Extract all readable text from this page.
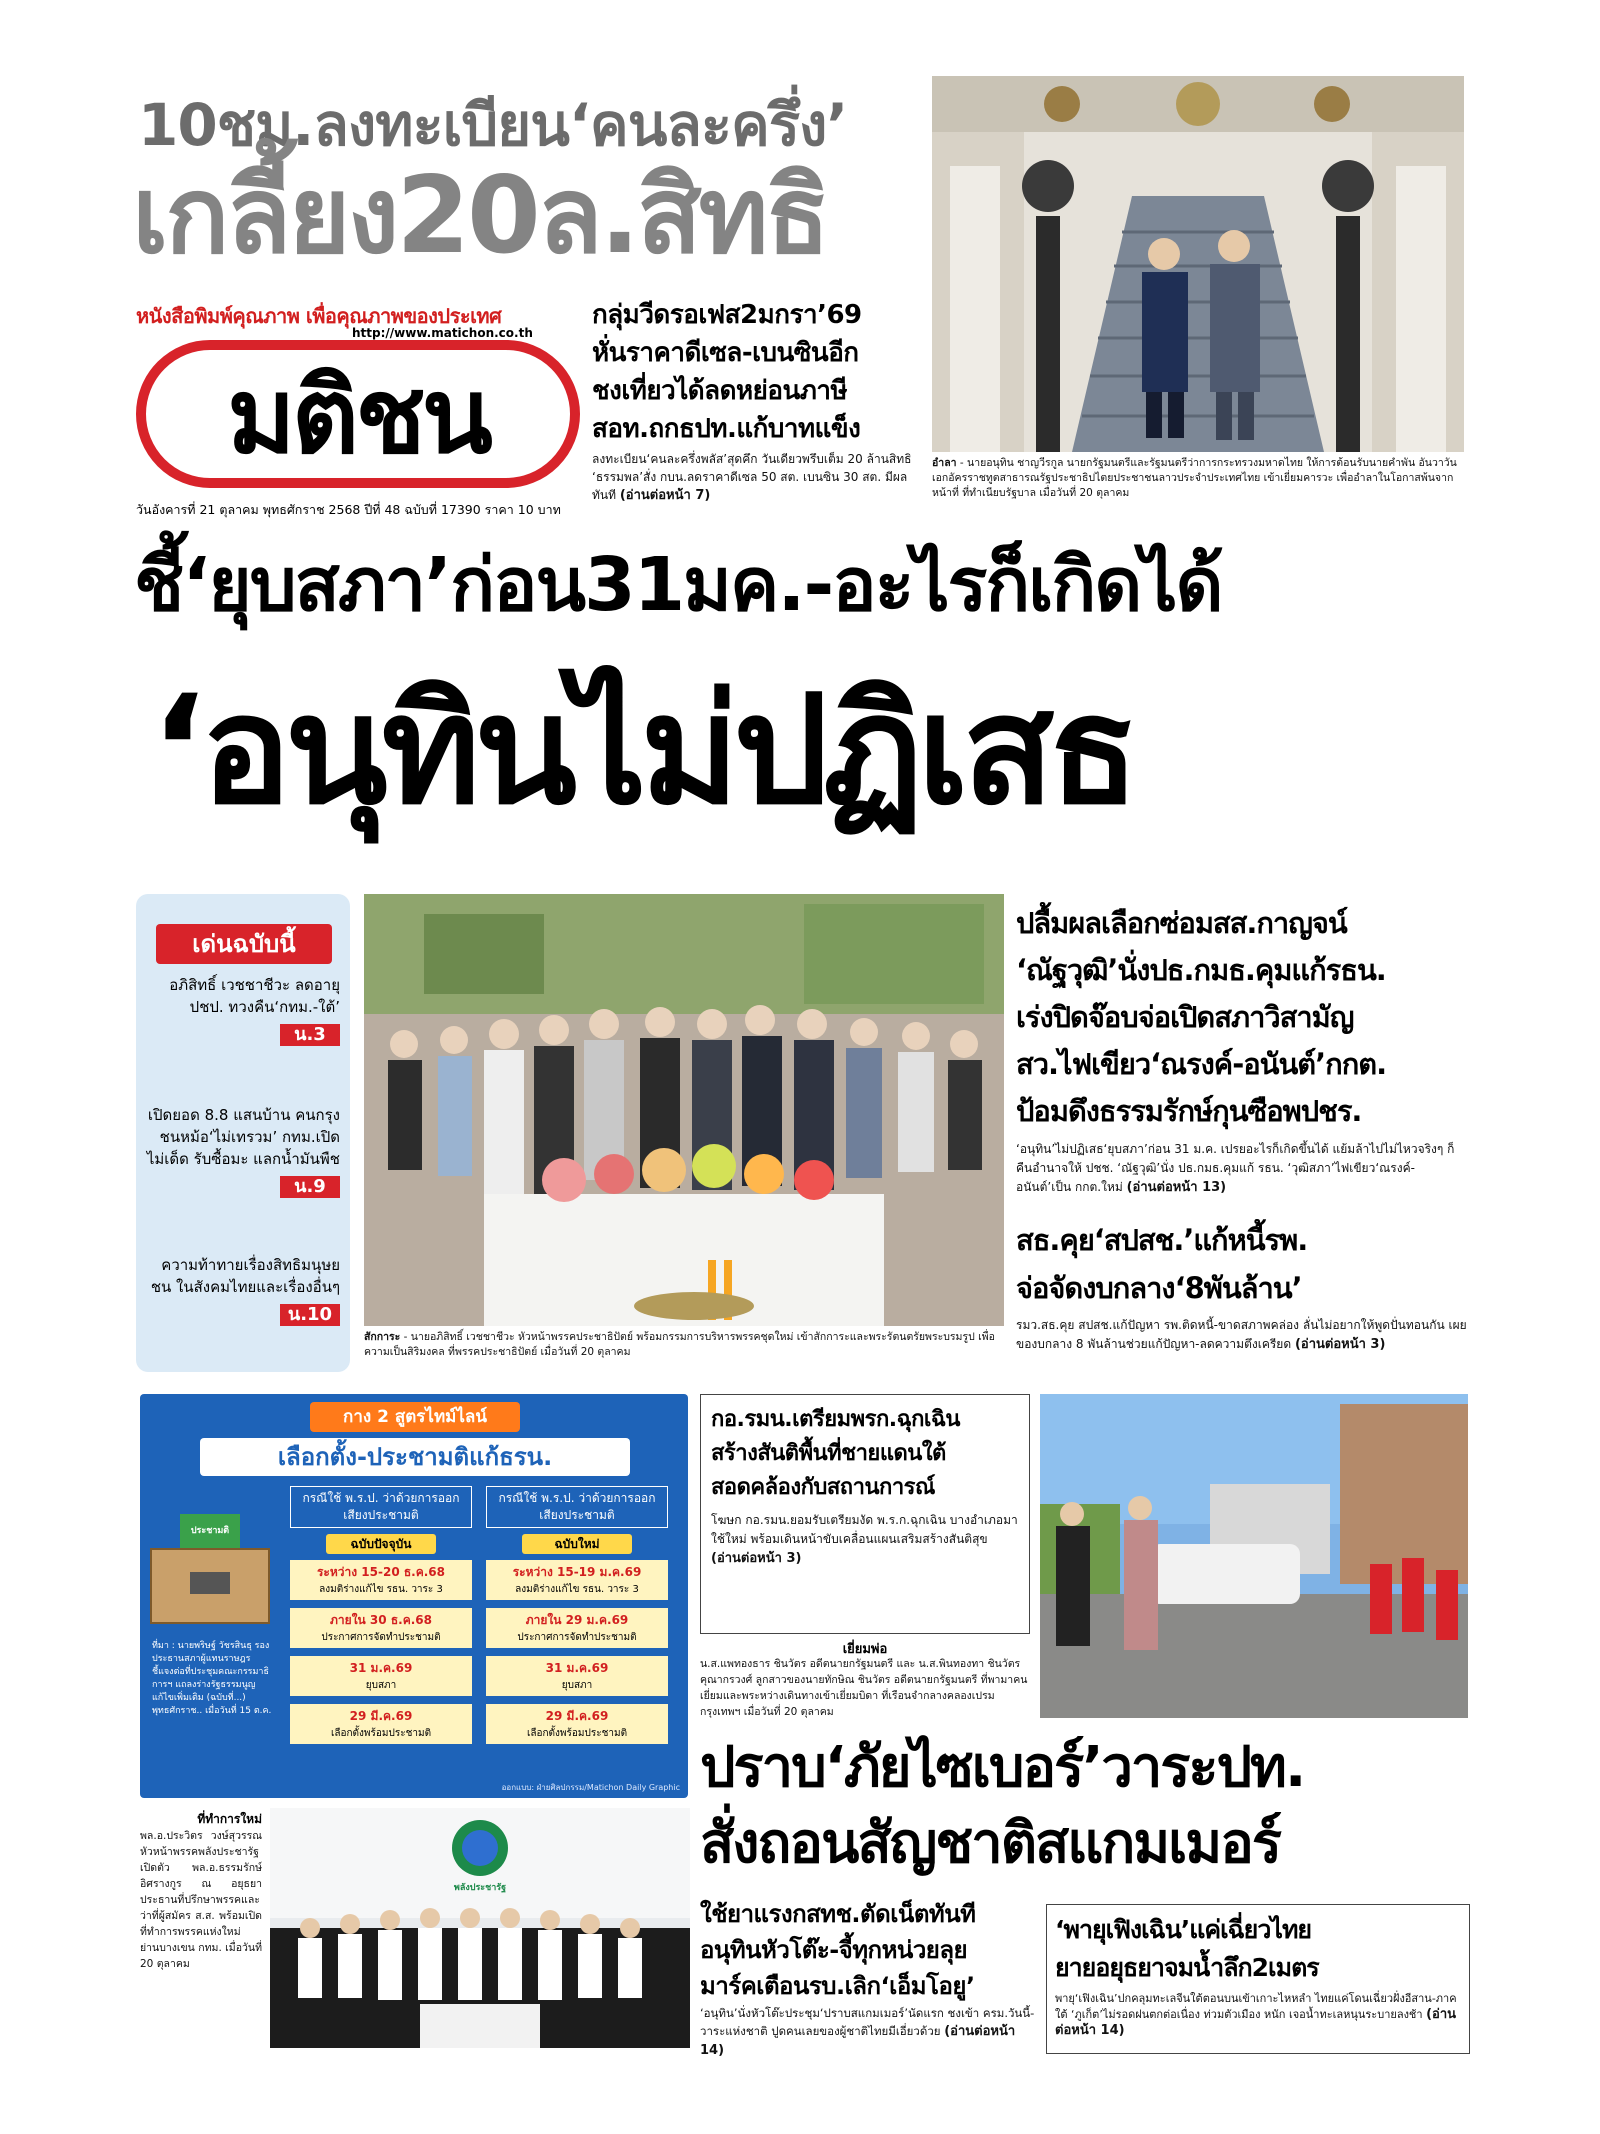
10ชม.ลงทะเบียน‘คนละครึ่ง’
เกลี้ยง20ล.สิทธิ
หนังสือพิมพ์คุณภาพ เพื่อคุณภาพของประเทศ
http://www.matichon.co.th
มติชน
วันอังคารที่ 21 ตุลาคม พุทธศักราช 2568 ปีที่ 48 ฉบับที่ 17390 ราคา 10 บาท
กลุ่มวีดรอเฟส2มกรา’69
หั่นราคาดีเซล-เบนซินอีก
ชงเที่ยวได้ลดหย่อนภาษี
สอท.ถกธปท.แก้บาทแข็ง
ลงทะเบียน‘คนละครึ่งพลัส’สุดคึก วันเดียวพรึบเต็ม 20 ล้านสิทธิ ‘ธรรมพล’สั่ง กบน.ลดราคาดีเซล 50 สต. เบนซิน 30 สต. มีผลทันที (อ่านต่อหน้า 7)
อำลา - นายอนุทิน ชาญวีรกูล นายกรัฐมนตรีและรัฐมนตรีว่าการกระทรวงมหาดไทย ให้การต้อนรับนายคำพัน อันวาวัน เอกอัครราชทูตสาธารณรัฐประชาธิปไตยประชาชนลาวประจำประเทศไทย เข้าเยี่ยมคารวะ เพื่ออำลาในโอกาสพ้นจากหน้าที่ ที่ทำเนียบรัฐบาล เมื่อวันที่ 20 ตุลาคม
ชี้‘ยุบสภา’ก่อน31มค.-อะไรก็เกิดได้
‘อนุทินไม่ปฏิเสธ
เด่นฉบับนี้
อภิสิทธิ์ เวชชาชีวะ ลดอายุ ปชป. ทวงคืน‘กทม.-ใต้’
น.3
เปิดยอด 8.8 แสนบ้าน คนกรุงชนหม้อ‘ไม่เทรวม’ กทม.เปิดไม่เด็ด รับซื้อมะ แลกน้ำมันพืช
น.9
ความท้าทายเรื่องสิทธิมนุษยชน ในสังคมไทยและเรื่องอื่นๆ
น.10
สักการะ - นายอภิสิทธิ์ เวชชาชีวะ หัวหน้าพรรคประชาธิปัตย์ พร้อมกรรมการบริหารพรรคชุดใหม่ เข้าสักการะและพระรัตนตรัยพระบรมรูป เพื่อความเป็นสิริมงคล ที่พรรคประชาธิปัตย์ เมื่อวันที่ 20 ตุลาคม
ปลื้มผลเลือกซ่อมสส.กาญจน์
‘ณัฐวุฒิ’นั่งปธ.กมธ.คุมแก้รธน.
เร่งปิดจ๊อบจ่อเปิดสภาวิสามัญ
สว.ไฟเขียว‘ณรงค์-อนันต์’กกต.
ป้อมดึงธรรมรักษ์กุนซือพปชร.
‘อนุทิน’ไม่ปฏิเสธ‘ยุบสภา’ก่อน 31 ม.ค. เปรยอะไรก็เกิดขึ้นได้ แย้มล้าไปไม่ไหวจริงๆ ก็คืนอำนาจให้ ปชช. ‘ณัฐวุฒิ’นั่ง ปธ.กมธ.คุมแก้ รธน. ‘วุฒิสภา’ไฟเขียว‘ณรงค์-อนันต์’เป็น กกต.ใหม่ (อ่านต่อหน้า 13)
สธ.คุย‘สปสช.’แก้หนี้รพ.
จ่อจัดงบกลาง‘8พันล้าน’
รมว.สธ.คุย สปสช.แก้ปัญหา รพ.ติดหนี้-ขาดสภาพคล่อง ลั่นไม่อยากให้พูดปั่นทอนกัน เผยของบกลาง 8 พันล้านช่วยแก้ปัญหา-ลดความตึงเครียด (อ่านต่อหน้า 3)
กาง 2 สูตรไทม์ไลน์
เลือกตั้ง-ประชามติแก้ธรน.
ประชามติ
ที่มา : นายพริษฐ์ วัชรสินธุ รองประธานสภาผู้แทนราษฎร ชี้แจงต่อที่ประชุมคณะกรรมาธิการฯ แถลงร่างรัฐธรรมนูญ แก้ไขเพิ่มเติม (ฉบับที่...) พุทธศักราช.. เมื่อวันที่ 15 ต.ค.
กรณีใช้ พ.ร.ป. ว่าด้วยการออกเสียงประชามติ
ฉบับปัจจุบัน
ระหว่าง 15-20 ธ.ค.68
ลงมติร่างแก้ไข รธน. วาระ 3
ภายใน 30 ธ.ค.68
ประกาศการจัดทำประชามติ
31 ม.ค.69
ยุบสภา
29 มี.ค.69
เลือกตั้งพร้อมประชามติ
กรณีใช้ พ.ร.ป. ว่าด้วยการออกเสียงประชามติ
ฉบับใหม่
ระหว่าง 15-19 ม.ค.69
ลงมติร่างแก้ไข รธน. วาระ 3
ภายใน 29 ม.ค.69
ประกาศการจัดทำประชามติ
31 ม.ค.69
ยุบสภา
29 มี.ค.69
เลือกตั้งพร้อมประชามติ
ออกแบบ: ฝ่ายศิลปกรรม/Matichon Daily Graphic
กอ.รมน.เตรียมพรก.ฉุกเฉิน
สร้างสันติพื้นที่ชายแดนใต้
สอดคล้องกับสถานการณ์
โฆษก กอ.รมน.ยอมรับเตรียมงัด พ.ร.ก.ฉุกเฉิน บางอำเภอมาใช้ใหม่ พร้อมเดินหน้าขับเคลื่อนแผนเสริมสร้างสันติสุข (อ่านต่อหน้า 3)
เยี่ยมพ่อ
น.ส.แพทองธาร ชินวัตร อดีตนายกรัฐมนตรี และ น.ส.พินทองทา ชินวัตร คุณากรวงศ์ ลูกสาวของนายทักษิณ ชินวัตร อดีตนายกรัฐมนตรี ที่พามาคนเยี่ยมและพระหว่างเดินทางเข้าเยี่ยมบิดา ที่เรือนจำกลางคลองเปรม กรุงเทพฯ เมื่อวันที่ 20 ตุลาคม
ที่ทำการใหม่
พล.อ.ประวิตร วงษ์สุวรรณ หัวหน้าพรรคพลังประชารัฐ เปิดตัว พล.อ.ธรรมรักษ์ อิศรางกูร ณ อยุธยา ประธานที่ปรึกษาพรรคและว่าที่ผู้สมัคร ส.ส. พร้อมเปิดที่ทำการพรรคแห่งใหม่ ย่านบางเขน กทม. เมื่อวันที่ 20 ตุลาคม
พลังประชารัฐ
ปราบ‘ภัยไซเบอร์’วาระปท.
สั่งถอนสัญชาติสแกมเมอร์
ใช้ยาแรงกสทช.ตัดเน็ตทันที
อนุทินหัวโต๊ะ-จี้ทุกหน่วยลุย
มาร์คเตือนรบ.เลิก‘เอ็มโอยู’
‘อนุทิน’นั่งหัวโต๊ะประชุม‘ปราบสแกมเมอร์’นัดแรก ชงเข้า ครม.วันนี้-วาระแห่งชาติ ปูดคนเลยของผู้ชาติไทยมีเอี่ยวด้วย (อ่านต่อหน้า 14)
‘พายุเฟิงเฉิน’แค่เฉี่ยวไทย
ยายอยุธยาจมน้ำลึก2เมตร
พายุ‘เฟิงเฉิน’ปกคลุมทะเลจีนใต้ตอนบนเข้าเกาะไหหลำ ไทยแค่โดนเฉี่ยวฝั่งอีสาน-ภาคใต้ ‘ภูเก็ต’ไม่รอดฝนตกต่อเนื่อง ท่วมตัวเมือง หนัก เจอน้ำทะเลหนุนระบายลงช้า (อ่านต่อหน้า 14)
